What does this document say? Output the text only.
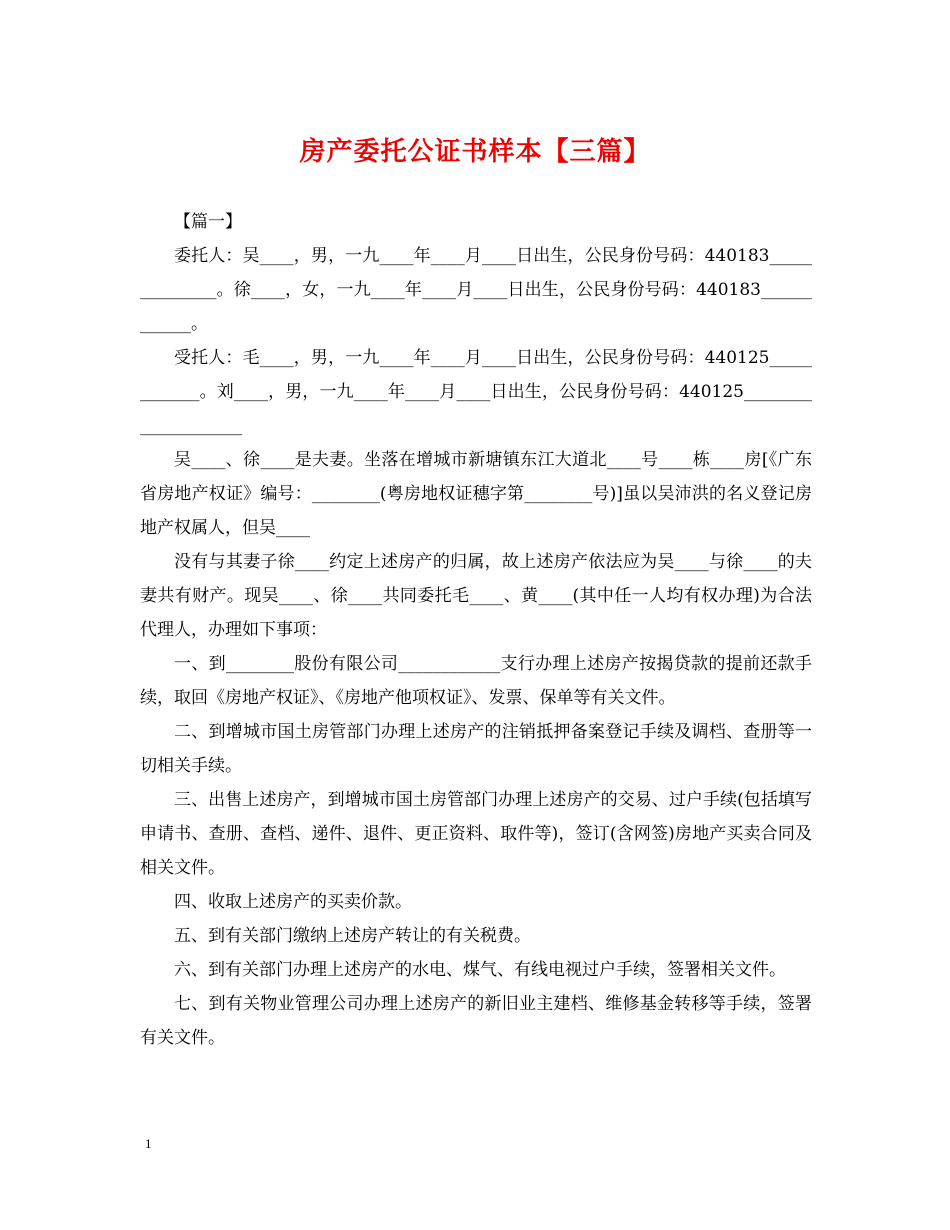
房产委托公证书样本【三篇】

【篇一】

委托人：吴____，男，一九____年____月____日出生，公民身份号码：440183______________。徐____，女，一九____年____月____日出生，公民身份号码：440183____________。

受托人：毛____，男，一九____年____月____日出生，公民身份号码：440125____________。刘____，男，一九____年____月____日出生，公民身份号码：440125____________________

吴____、徐____是夫妻。坐落在增城市新塘镇东江大道北____号____栋____房[《广东省房地产权证》编号：________(粤房地权证穗字第________号)]虽以吴沛洪的名义登记房地产权属人，但吴____

没有与其妻子徐____约定上述房产的归属，故上述房产依法应为吴____与徐____的夫妻共有财产。现吴____、徐____共同委托毛____、黄____(其中任一人均有权办理)为合法代理人，办理如下事项：

一、到________股份有限公司____________支行办理上述房产按揭贷款的提前还款手续，取回《房地产权证》、《房地产他项权证》、发票、保单等有关文件。

二、到增城市国土房管部门办理上述房产的注销抵押备案登记手续及调档、查册等一切相关手续。

三、出售上述房产，到增城市国土房管部门办理上述房产的交易、过户手续(包括填写申请书、查册、查档、递件、退件、更正资料、取件等)，签订(含网签)房地产买卖合同及相关文件。

四、收取上述房产的买卖价款。

五、到有关部门缴纳上述房产转让的有关税费。

六、到有关部门办理上述房产的水电、煤气、有线电视过户手续，签署相关文件。

七、到有关物业管理公司办理上述房产的新旧业主建档、维修基金转移等手续，签署有关文件。

1
